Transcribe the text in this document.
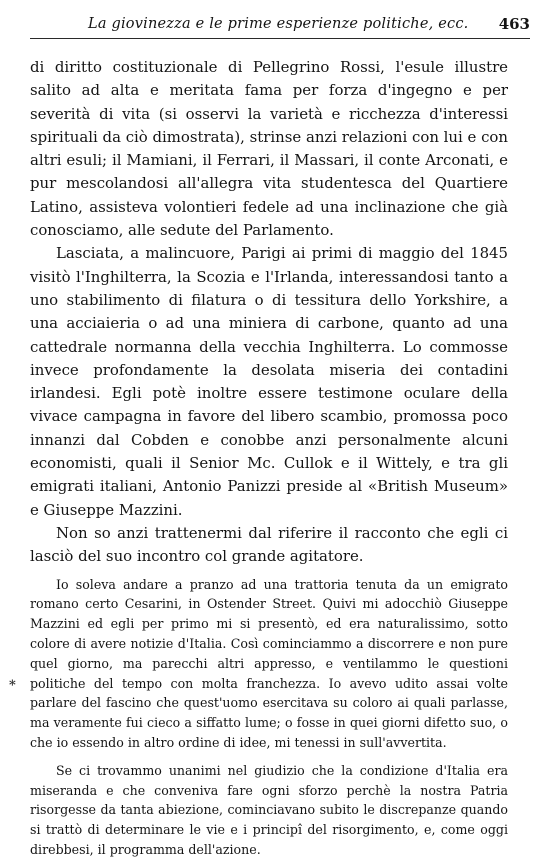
La giovinezza e le prime esperienze politiche, ecc. 463
*

di diritto costituzionale di Pellegrino Rossi, l'esule illustre salito ad alta e meritata fama per forza d'ingegno e per severità di vita (si osservi la varietà e ricchezza d'interessi spirituali da ciò dimostrata), strinse anzi relazioni con lui e con altri esuli; il Mamiani, il Ferrari, il Massari, il conte Arconati, e pur mescolandosi all'allegra vita studentesca del Quartiere Latino, assisteva volontieri fedele ad una inclinazione che già conosciamo, alle sedute del Parlamento.

Lasciata, a malincuore, Parigi ai primi di maggio del 1845 visitò l'Inghilterra, la Scozia e l'Irlanda, interessandosi tanto a uno stabilimento di filatura o di tessitura dello Yorkshire, a una acciaieria o ad una miniera di carbone, quanto ad una cattedrale normanna della vecchia Inghilterra. Lo commosse invece profondamente la desolata miseria dei contadini irlandesi. Egli potè inoltre essere testimone oculare della vivace campagna in favore del libero scambio, promossa poco innanzi dal Cobden e conobbe anzi personalmente alcuni economisti, quali il Senior Mc. Cullok e il Wittely, e tra gli emigrati italiani, Antonio Panizzi preside al «British Museum» e Giuseppe Mazzini.

Non so anzi trattenermi dal riferire il racconto che egli ci lasciò del suo incontro col grande agitatore.

Io soleva andare a pranzo ad una trattoria tenuta da un emigrato romano certo Cesarini, in Ostender Street. Quivi mi adocchiò Giuseppe Mazzini ed egli per primo mi si presentò, ed era naturalissimo, sotto colore di avere notizie d'Italia. Così cominciammo a discorrere e non pure quel giorno, ma parecchi altri appresso, e ventilammo le questioni politiche del tempo con molta franchezza. Io avevo udito assai volte parlare del fascino che quest'uomo esercitava su coloro ai quali parlasse, ma veramente fui cieco a siffatto lume; o fosse in quei giorni difetto suo, o che io essendo in altro ordine di idee, mi tenessi in sull'avvertita.

Se ci trovammo unanimi nel giudizio che la condizione d'Italia era miseranda e che conveniva fare ogni sforzo perchè la nostra Patria risorgesse da tanta abiezione, cominciavano subito le discrepanze quando si trattò di determinare le vie e i principî del risorgimento, e, come oggi direbbesi, il programma dell'azione.
